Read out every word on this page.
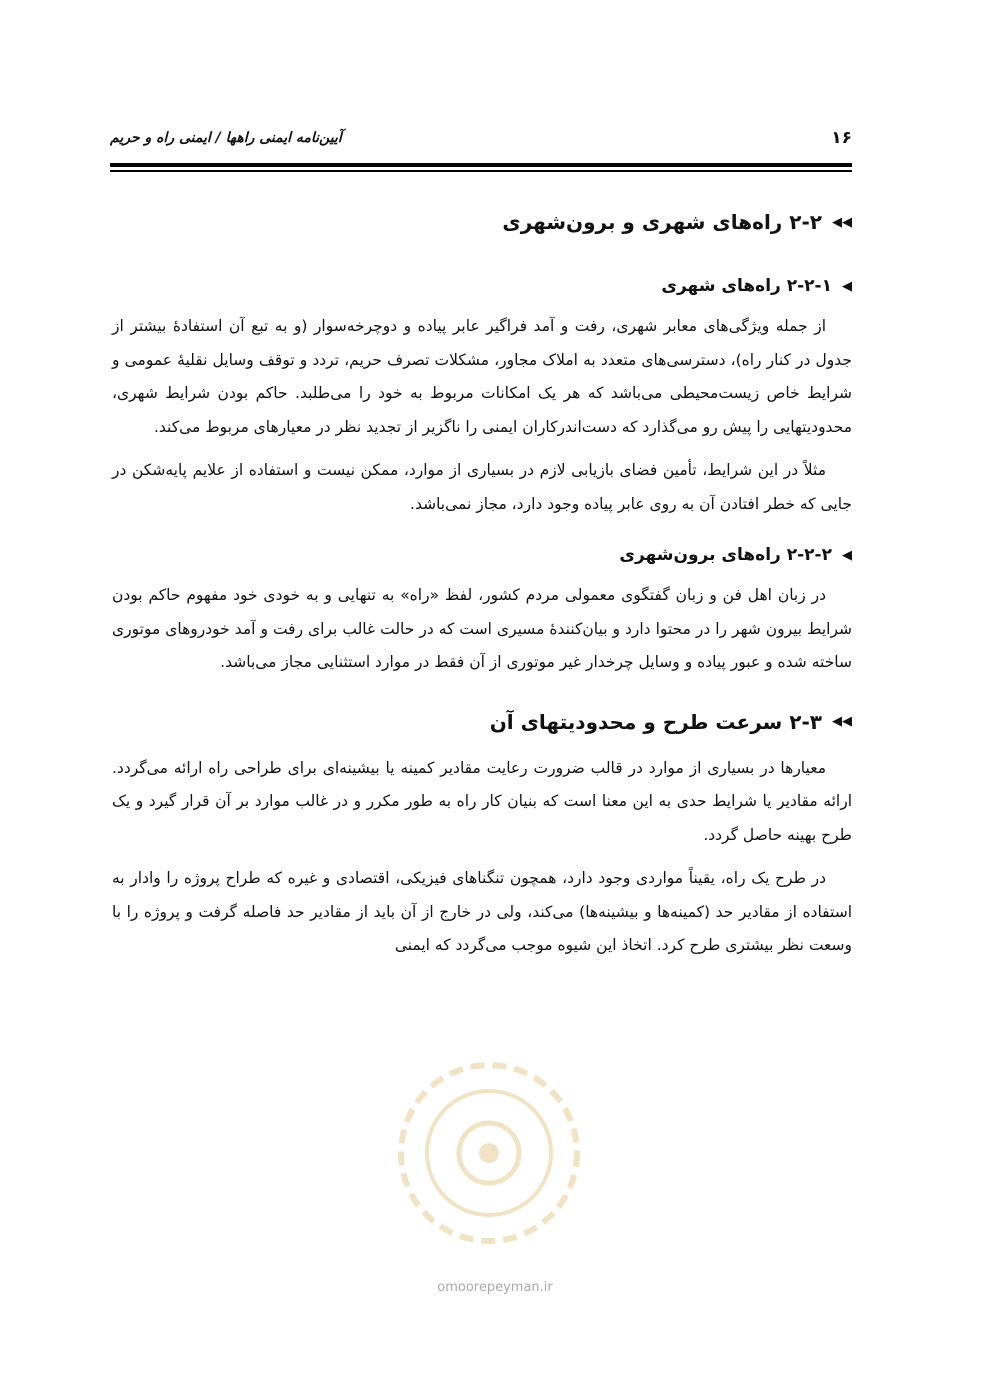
۱۶
آیین‌نامه ایمنی راهها / ایمنی راه و حریم
◀◀
۲-۲ راه‌های شهری و برون‌شهری
◀
۲-۲-۱ راه‌های شهری

از جمله ویژگی‌های معابر شهری، رفت و آمد فراگیر عابر پیاده و دوچرخه‌سوار (و به تبع آن استفادهٔ بیشتر از جدول در کنار راه)، دسترسی‌های متعدد به املاک مجاور، مشکلات تصرف حریم، تردد و توقف وسایل نقلیهٔ عمومی و شرایط خاص زیست‌محیطی می‌باشد که هر یک امکانات مربوط به خود را می‌طلبد. حاکم بودن شرایط شهری، محدودیتهایی را پیش رو می‌گذارد که دست‌اندرکاران ایمنی را ناگزیر از تجدید نظر در معیارهای مربوط می‌کند.

مثلاً در این شرایط، تأمین فضای بازیابی لازم در بسیاری از موارد، ممکن نیست و استفاده از علایم پایه‌شکن در جایی که خطر افتادن آن به روی عابر پیاده وجود دارد، مجاز نمی‌باشد.

◀
۲-۲-۲ راه‌های برون‌شهری

در زبان اهل فن و زبان گفتگوی معمولی مردم کشور، لفظ «راه» به تنهایی و به خودی خود مفهوم حاکم بودن شرایط بیرون شهر را در محتوا دارد و بیان‌کنندهٔ مسیری است که در حالت غالب برای رفت و آمد خودروهای موتوری ساخته شده و عبور پیاده و وسایل چرخدار غیر موتوری از آن فقط در موارد استثنایی مجاز می‌باشد.

◀◀
۲-۳ سرعت طرح و محدودیتهای آن

معیارها در بسیاری از موارد در قالب ضرورت رعایت مقادیر کمینه یا بیشینه‌ای برای طراحی راه ارائه می‌گردد. ارائه مقادیر یا شرایط حدی به این معنا است که بنیان کار راه به طور مکرر و در غالب موارد بر آن قرار گیرد و یک طرح بهینه حاصل گردد.

در طرح یک راه، یقیناً مواردی وجود دارد، همچون تنگناهای فیزیکی، اقتصادی و غیره که طراح پروژه را وادار به استفاده از مقادیر حد (کمینه‌ها و بیشینه‌ها) می‌کند، ولی در خارج از آن باید از مقادیر حد فاصله گرفت و پروژه را با وسعت نظر بیشتری طرح کرد. اتخاذ این شیوه موجب می‌گردد که ایمنی

omoorepeyman.ir
